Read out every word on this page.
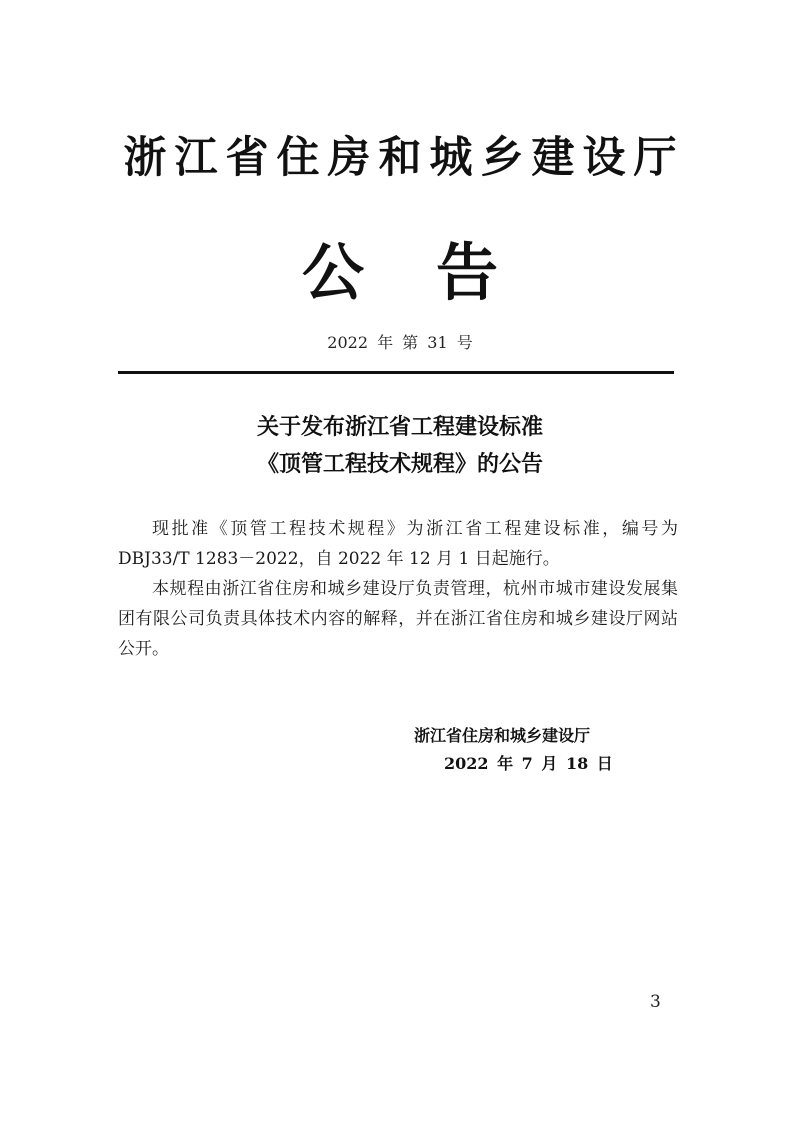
浙江省住房和城乡建设厅
公 告
2022 年 第 31 号
关于发布浙江省工程建设标准
《顶管工程技术规程》的公告

现批准《顶管工程技术规程》为浙江省工程建设标准，编号为 DBJ33/T 1283－2022，自 2022 年 12 月 1 日起施行。

本规程由浙江省住房和城乡建设厅负责管理，杭州市城市建设发展集团有限公司负责具体技术内容的解释，并在浙江省住房和城乡建设厅网站公开。

浙江省住房和城乡建设厅
2022 年 7 月 18 日
3
